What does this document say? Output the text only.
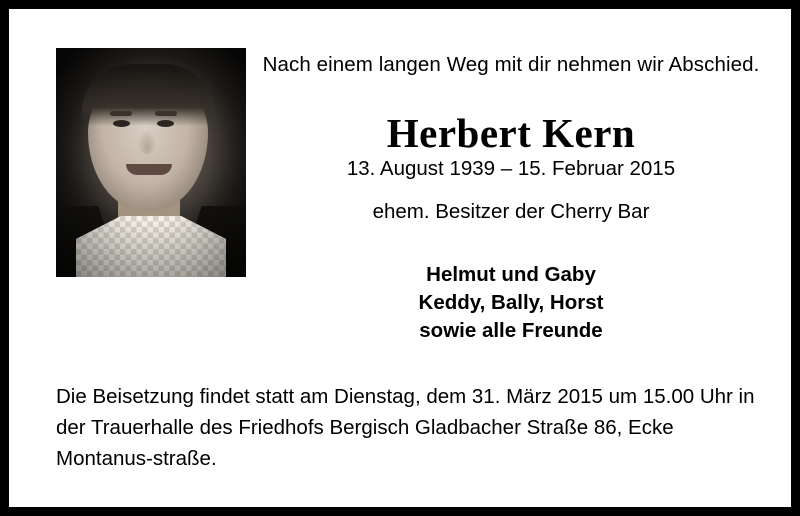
Nach einem langen Weg mit dir nehmen wir Abschied.
Herbert Kern
13. August 1939 – 15. Februar 2015
ehem. Besitzer der Cherry Bar
Helmut und Gaby
Keddy, Bally, Horst
sowie alle Freunde
Die Beisetzung findet statt am Dienstag, dem 31. März 2015 um 15.00 Uhr in der Trauerhalle des Friedhofs Bergisch Gladbacher Straße 86, Ecke Montanus-straße.
